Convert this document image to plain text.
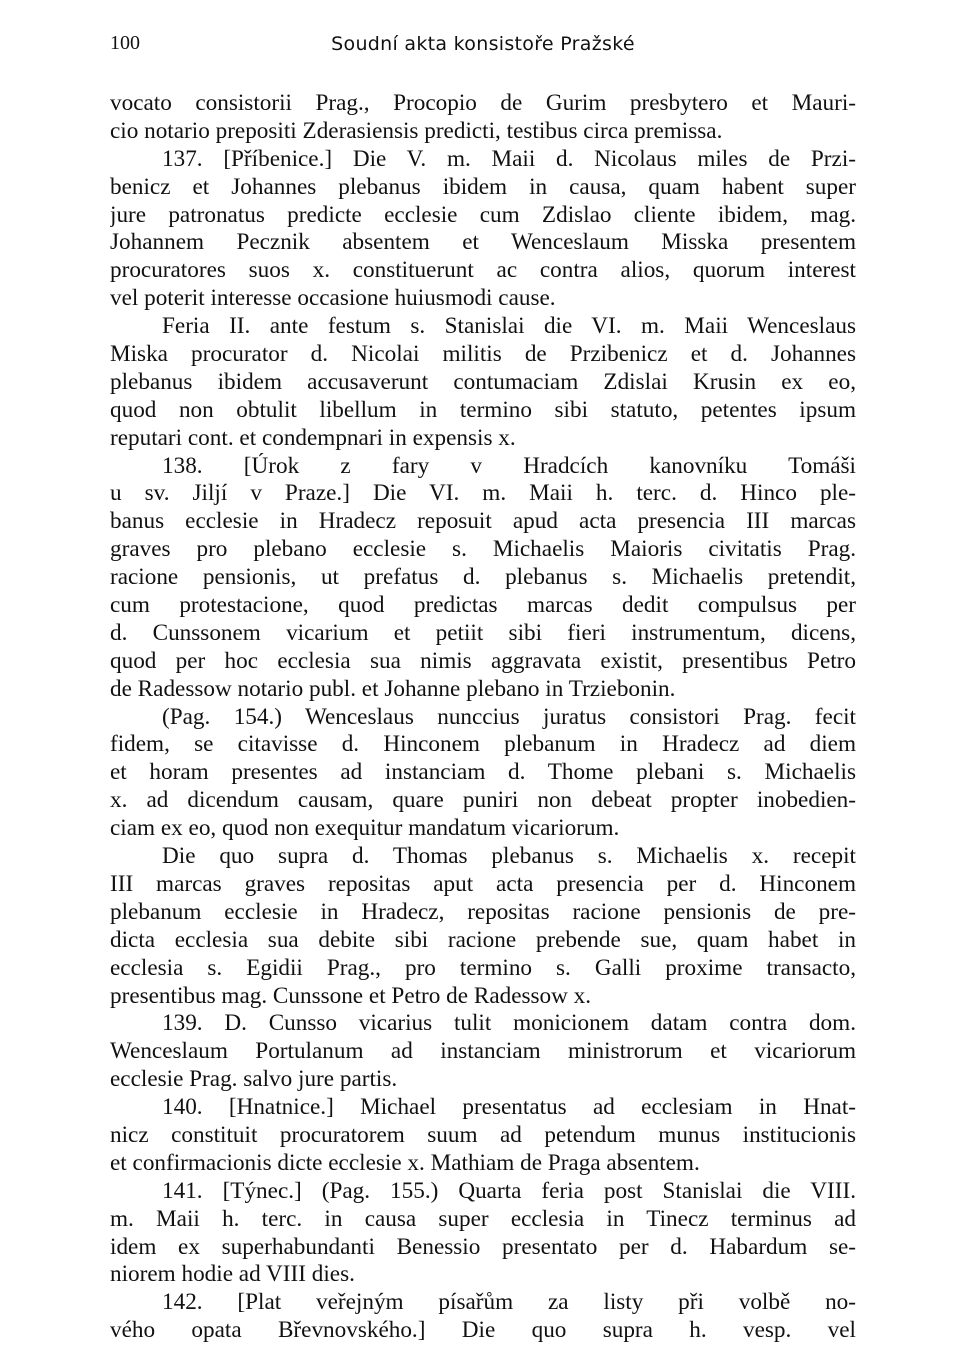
100	Soudní akta konsistoře Pražské
vocato consistorii Prag., Procopio de Gurim presbytero et Mauri-
cio notario prepositi Zderasiensis predicti, testibus circa premissa.
137. [Příbenice.] Die V. m. Maii d. Nicolaus miles de Przi-
benicz et Johannes plebanus ibidem in causa, quam habent super
jure patronatus predicte ecclesie cum Zdislao cliente ibidem, mag.
Johannem Pecznik absentem et Wenceslaum Misska presentem
procuratores suos x. constituerunt ac contra alios, quorum interest
vel poterit interesse occasione huiusmodi cause.
Feria II. ante festum s. Stanislai die VI. m. Maii Wenceslaus
Miska procurator d. Nicolai militis de Przibenicz et d. Johannes
plebanus ibidem accusaverunt contumaciam Zdislai Krusin ex eo,
quod non obtulit libellum in termino sibi statuto, petentes ipsum
reputari cont. et condempnari in expensis x.
138. [Úrok z fary v Hradcích kanovníku Tomáši
u sv. Jiljí v Praze.] Die VI. m. Maii h. terc. d. Hinco ple-
banus ecclesie in Hradecz reposuit apud acta presencia III marcas
graves pro plebano ecclesie s. Michaelis Maioris civitatis Prag.
racione pensionis, ut prefatus d. plebanus s. Michaelis pretendit,
cum protestacione, quod predictas marcas dedit compulsus per
d. Cunssonem vicarium et petiit sibi fieri instrumentum, dicens,
quod per hoc ecclesia sua nimis aggravata existit, presentibus Petro
de Radessow notario publ. et Johanne plebano in Trziebonin.
(Pag. 154.) Wenceslaus nunccius juratus consistori Prag. fecit
fidem, se citavisse d. Hinconem plebanum in Hradecz ad diem
et horam presentes ad instanciam d. Thome plebani s. Michaelis
x. ad dicendum causam, quare puniri non debeat propter inobedien-
ciam ex eo, quod non exequitur mandatum vicariorum.
Die quo supra d. Thomas plebanus s. Michaelis x. recepit
III marcas graves repositas aput acta presencia per d. Hinconem
plebanum ecclesie in Hradecz, repositas racione pensionis de pre-
dicta ecclesia sua debite sibi racione prebende sue, quam habet in
ecclesia s. Egidii Prag., pro termino s. Galli proxime transacto,
presentibus mag. Cunssone et Petro de Radessow x.
139. D. Cunsso vicarius tulit monicionem datam contra dom.
Wenceslaum Portulanum ad instanciam ministrorum et vicariorum
ecclesie Prag. salvo jure partis.
140. [Hnatnice.] Michael presentatus ad ecclesiam in Hnat-
nicz constituit procuratorem suum ad petendum munus institucionis
et confirmacionis dicte ecclesie x. Mathiam de Praga absentem.
141. [Týnec.] (Pag. 155.) Quarta feria post Stanislai die VIII.
m. Maii h. terc. in causa super ecclesia in Tinecz terminus ad
idem ex superhabundanti Benessio presentato per d. Habardum se-
niorem hodie ad VIII dies.
142. [Plat veřejným písařům za listy při volbě no-
vého opata Břevnovského.] Die quo supra h. vesp. vel
